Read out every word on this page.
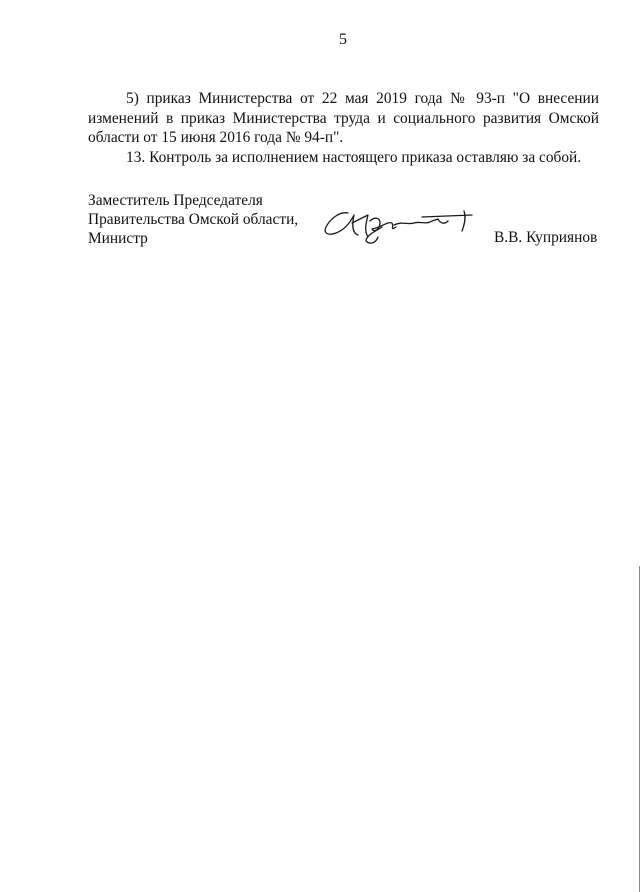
5

5) приказ Министерства от 22 мая 2019 года № 93-п "О внесении изменений в приказ Министерства труда и социального развития Омской области от 15 июня 2016 года № 94-п".

13. Контроль за исполнением настоящего приказа оставляю за собой.

Заместитель Председателя
Правительства Омской области,
Министр	В.В. Куприянов
